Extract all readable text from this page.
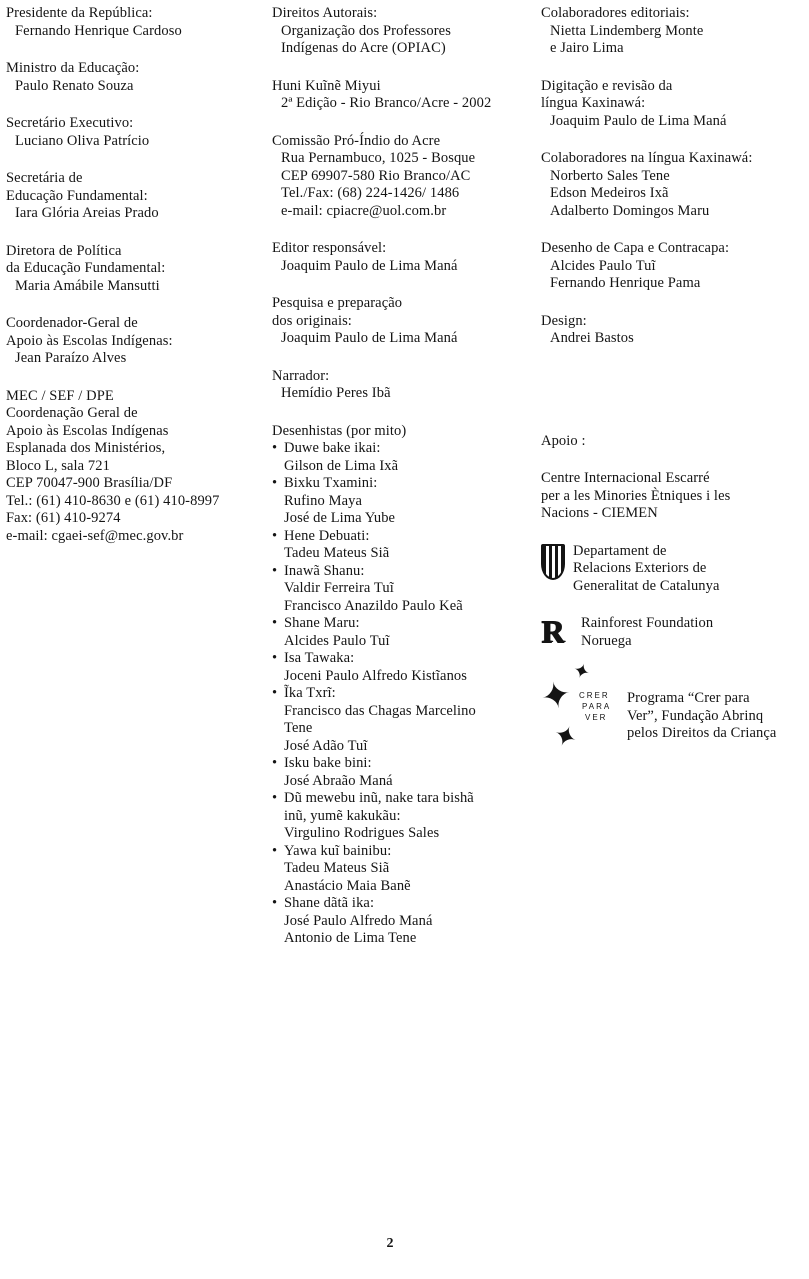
Presidente da República:
Fernando Henrique Cardoso
Ministro da Educação:
Paulo Renato Souza
Secretário Executivo:
Luciano Oliva Patrício
Secretária de
Educação Fundamental:
Iara Glória Areias Prado
Diretora de Política
da Educação Fundamental:
Maria Amábile Mansutti
Coordenador-Geral de
Apoio às Escolas Indígenas:
Jean Paraízo Alves
MEC / SEF / DPE
Coordenação Geral de
Apoio às Escolas Indígenas
Esplanada dos Ministérios,
Bloco L, sala 721
CEP 70047-900 Brasília/DF
Tel.: (61) 410-8630 e (61) 410-8997
Fax: (61) 410-9274
e-mail: cgaei-sef@mec.gov.br
Direitos Autorais:
Organização dos Professores
Indígenas do Acre (OPIAC)
Huni Kuĩnẽ Miyui
2ª Edição - Rio Branco/Acre - 2002
Comissão Pró-Índio do Acre
Rua Pernambuco, 1025 - Bosque
CEP 69907-580 Rio Branco/AC
Tel./Fax: (68) 224-1426/ 1486
e-mail: cpiacre@uol.com.br
Editor responsável:
Joaquim Paulo de Lima Maná
Pesquisa e preparação
dos originais:
Joaquim Paulo de Lima Maná
Narrador:
Hemídio Peres Ibã
Desenhistas (por mito)
• Duwe bake ikai:
Gilson de Lima Ixã
• Bixku Txamini:
Rufino Maya
José de Lima Yube
• Hene Debuati:
Tadeu Mateus Siã
• Inawã Shanu:
Valdir Ferreira Tuĩ
Francisco Anazildo Paulo Keã
• Shane Maru:
Alcides Paulo Tuĩ
• Isa Tawaka:
Joceni Paulo Alfredo Kistĩanos
• Ĩka Txrĩ:
Francisco das Chagas Marcelino
Tene
José Adão Tuĩ
• Isku bake bini:
José Abraão Maná
• Dũ mewebu inũ, nake tara bishã
inũ, yumẽ kakukãu:
Virgulino Rodrigues Sales
• Yawa kuĩ bainibu:
Tadeu Mateus Siã
Anastácio Maia Banẽ
• Shane dãtã ika:
José Paulo Alfredo Maná
Antonio de Lima Tene
Colaboradores editoriais:
Nietta Lindemberg Monte
e Jairo Lima
Digitação e revisão da
língua Kaxinawá:
Joaquim Paulo de Lima Maná
Colaboradores na língua Kaxinawá:
Norberto Sales Tene
Edson Medeiros Ixã
Adalberto Domingos Maru
Desenho de Capa e Contracapa:
Alcides Paulo Tuĩ
Fernando Henrique Pama
Design:
Andrei Bastos
Apoio :
Centre Internacional Escarré
per a les Minories Ètniques i les
Nacions - CIEMEN
Departament de
Relacions Exteriors de
Generalitat de Catalunya
R	Rainforest Foundation
Noruega
✦
✦
✦
CRER
PARA
VER
Programa “Crer para
Ver”, Fundação Abrinq
pelos Direitos da Criança
2
